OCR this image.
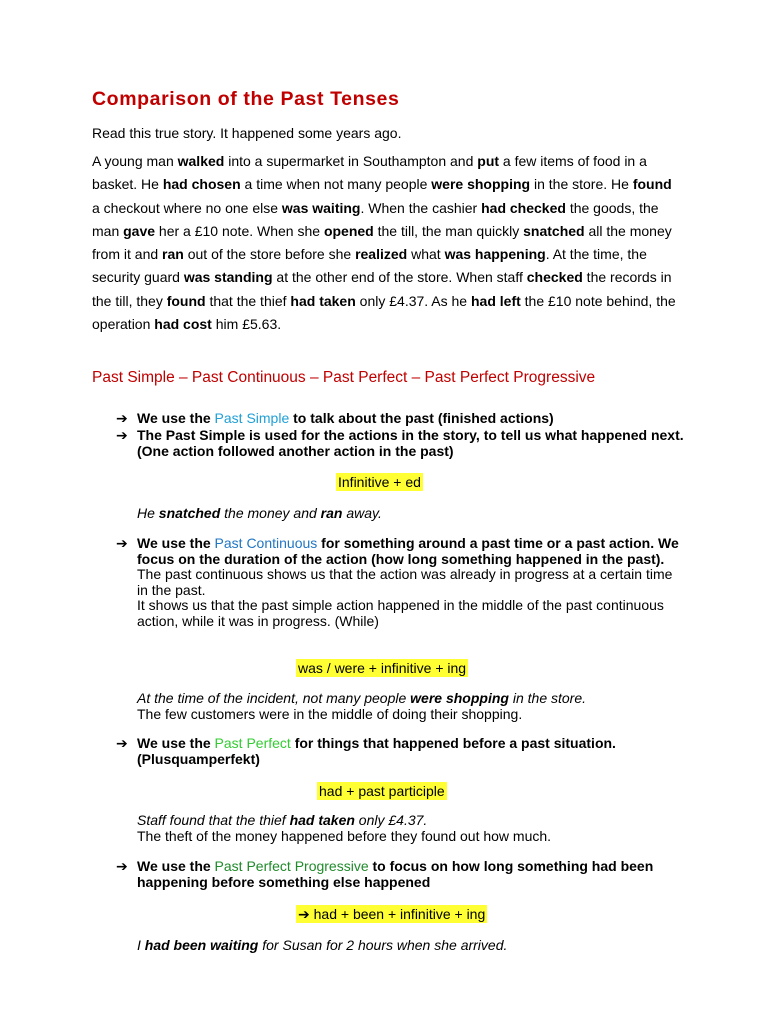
Comparison of the Past Tenses

Read this true story. It happened some years ago.

A young man walked into a supermarket in Southampton and put a few items of food in a basket. He had chosen a time when not many people were shopping in the store. He found a checkout where no one else was waiting. When the cashier had checked the goods, the man gave her a £10 note. When she opened the till, the man quickly snatched all the money from it and ran out of the store before she realized what was happening. At the time, the security guard was standing at the other end of the store. When staff checked the records in the till, they found that the thief had taken only £4.37. As he had left the £10 note behind, the operation had cost him £5.63.

Past Simple – Past Continuous – Past Perfect – Past Perfect Progressive
➔ We use the Past Simple to talk about the past (finished actions)
➔ The Past Simple is used for the actions in the story, to tell us what happened next. (One action followed another action in the past)
Infinitive + ed
He snatched the money and ran away.
➔ We use the Past Continuous for something around a past time or a past action. We focus on the duration of the action (how long something happened in the past).
The past continuous shows us that the action was already in progress at a certain time in the past.
It shows us that the past simple action happened in the middle of the past continuous action, while it was in progress. (While)
was / were + infinitive + ing
At the time of the incident, not many people were shopping in the store.
The few customers were in the middle of doing their shopping.
➔ We use the Past Perfect for things that happened before a past situation. (Plusquamperfekt)
had + past participle
Staff found that the thief had taken only £4.37.
The theft of the money happened before they found out how much.
➔ We use the Past Perfect Progressive to focus on how long something had been happening before something else happened
➔ had + been + infinitive + ing
I had been waiting for Susan for 2 hours when she arrived.
